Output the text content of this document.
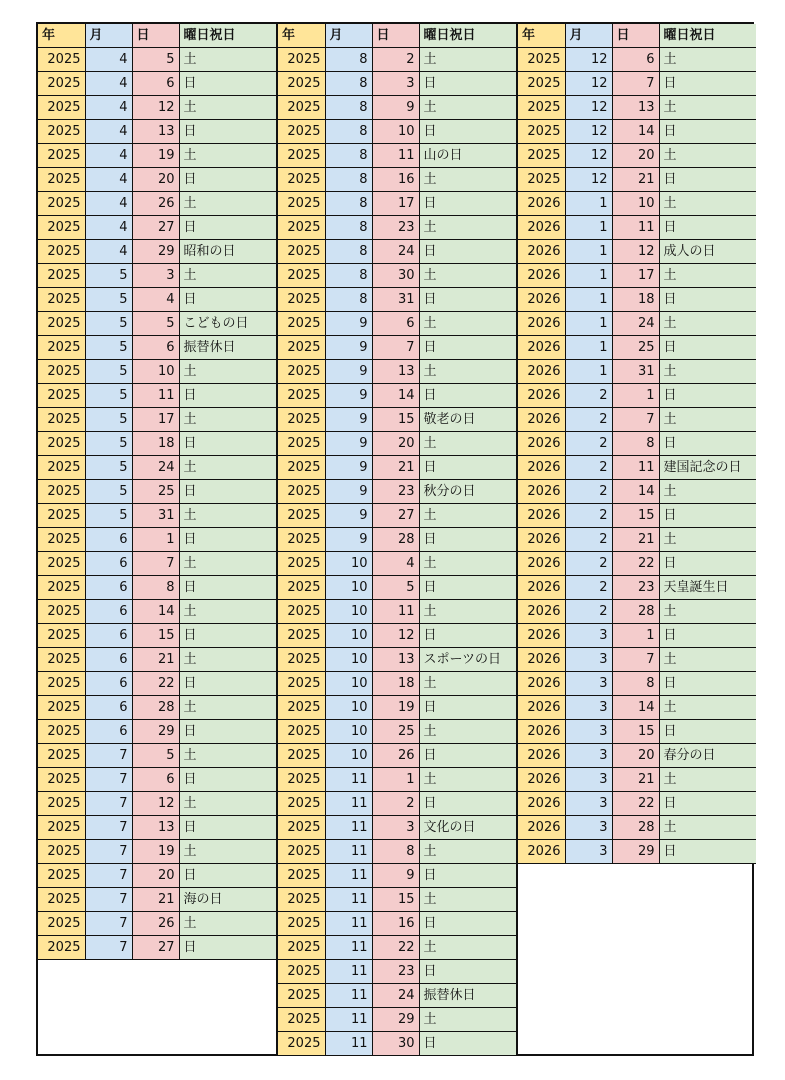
年	月	日	曜日祝日
2025	4	5	土
2025	4	6	日
2025	4	12	土
2025	4	13	日
2025	4	19	土
2025	4	20	日
2025	4	26	土
2025	4	27	日
2025	4	29	昭和の日
2025	5	3	土
2025	5	4	日
2025	5	5	こどもの日
2025	5	6	振替休日
2025	5	10	土
2025	5	11	日
2025	5	17	土
2025	5	18	日
2025	5	24	土
2025	5	25	日
2025	5	31	土
2025	6	1	日
2025	6	7	土
2025	6	8	日
2025	6	14	土
2025	6	15	日
2025	6	21	土
2025	6	22	日
2025	6	28	土
2025	6	29	日
2025	7	5	土
2025	7	6	日
2025	7	12	土
2025	7	13	日
2025	7	19	土
2025	7	20	日
2025	7	21	海の日
2025	7	26	土
2025	7	27	日
年	月	日	曜日祝日
2025	8	2	土
2025	8	3	日
2025	8	9	土
2025	8	10	日
2025	8	11	山の日
2025	8	16	土
2025	8	17	日
2025	8	23	土
2025	8	24	日
2025	8	30	土
2025	8	31	日
2025	9	6	土
2025	9	7	日
2025	9	13	土
2025	9	14	日
2025	9	15	敬老の日
2025	9	20	土
2025	9	21	日
2025	9	23	秋分の日
2025	9	27	土
2025	9	28	日
2025	10	4	土
2025	10	5	日
2025	10	11	土
2025	10	12	日
2025	10	13	スポーツの日
2025	10	18	土
2025	10	19	日
2025	10	25	土
2025	10	26	日
2025	11	1	土
2025	11	2	日
2025	11	3	文化の日
2025	11	8	土
2025	11	9	日
2025	11	15	土
2025	11	16	日
2025	11	22	土
2025	11	23	日
2025	11	24	振替休日
2025	11	29	土
2025	11	30	日
年	月	日	曜日祝日
2025	12	6	土
2025	12	7	日
2025	12	13	土
2025	12	14	日
2025	12	20	土
2025	12	21	日
2026	1	10	土
2026	1	11	日
2026	1	12	成人の日
2026	1	17	土
2026	1	18	日
2026	1	24	土
2026	1	25	日
2026	1	31	土
2026	2	1	日
2026	2	7	土
2026	2	8	日
2026	2	11	建国記念の日
2026	2	14	土
2026	2	15	日
2026	2	21	土
2026	2	22	日
2026	2	23	天皇誕生日
2026	2	28	土
2026	3	1	日
2026	3	7	土
2026	3	8	日
2026	3	14	土
2026	3	15	日
2026	3	20	春分の日
2026	3	21	土
2026	3	22	日
2026	3	28	土
2026	3	29	日
